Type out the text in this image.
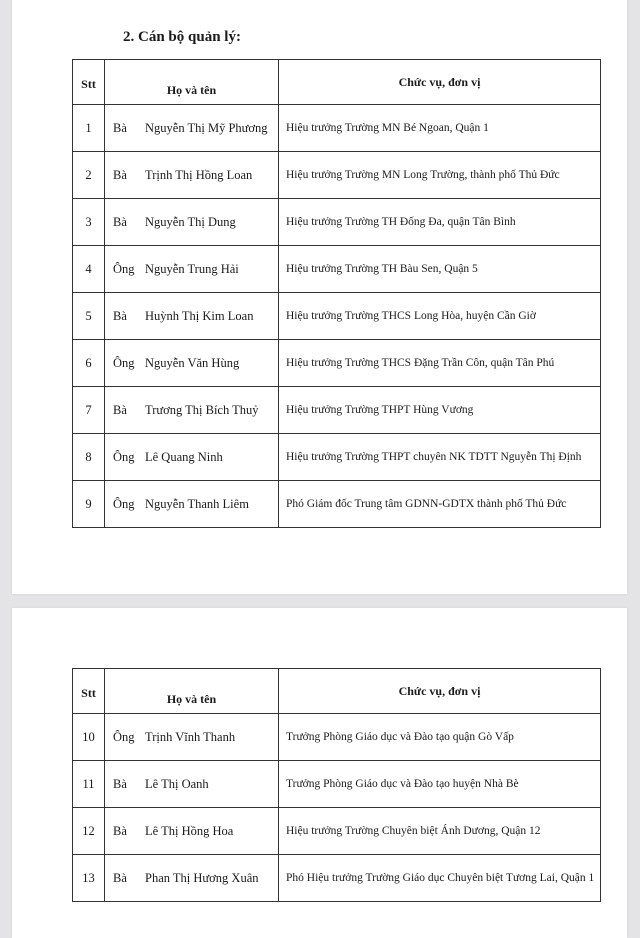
2. Cán bộ quản lý:
Stt	Họ và tên	Chức vụ, đơn vị
1	Bà Nguyễn Thị Mỹ Phương	Hiệu trưởng Trường MN Bé Ngoan, Quận 1
2	Bà Trịnh Thị Hồng Loan	Hiệu trưởng Trường MN Long Trường, thành phố Thủ Đức
3	Bà Nguyễn Thị Dung	Hiệu trưởng Trường TH Đống Đa, quận Tân Bình
4	Ông Nguyễn Trung Hải	Hiệu trưởng Trường TH Bàu Sen, Quận 5
5	Bà Huỳnh Thị Kim Loan	Hiệu trưởng Trường THCS Long Hòa, huyện Cần Giờ
6	Ông Nguyễn Văn Hùng	Hiệu trưởng Trường THCS Đặng Trần Côn, quận Tân Phú
7	Bà Trương Thị Bích Thuỷ	Hiệu trưởng Trường THPT Hùng Vương
8	Ông Lê Quang Ninh	Hiệu trưởng Trường THPT chuyên NK TDTT Nguyễn Thị Định
9	Ông Nguyễn Thanh Liêm	Phó Giám đốc Trung tâm GDNN-GDTX thành phố Thủ Đức
Stt	Họ và tên	Chức vụ, đơn vị
10	Ông Trịnh Vĩnh Thanh	Trưởng Phòng Giáo dục và Đào tạo quận Gò Vấp
11	Bà Lê Thị Oanh	Trưởng Phòng Giáo dục và Đào tạo huyện Nhà Bè
12	Bà Lê Thị Hồng Hoa	Hiệu trưởng Trường Chuyên biệt Ánh Dương, Quận 12
13	Bà Phan Thị Hương Xuân	Phó Hiệu trưởng Trường Giáo dục Chuyên biệt Tương Lai, Quận 1
